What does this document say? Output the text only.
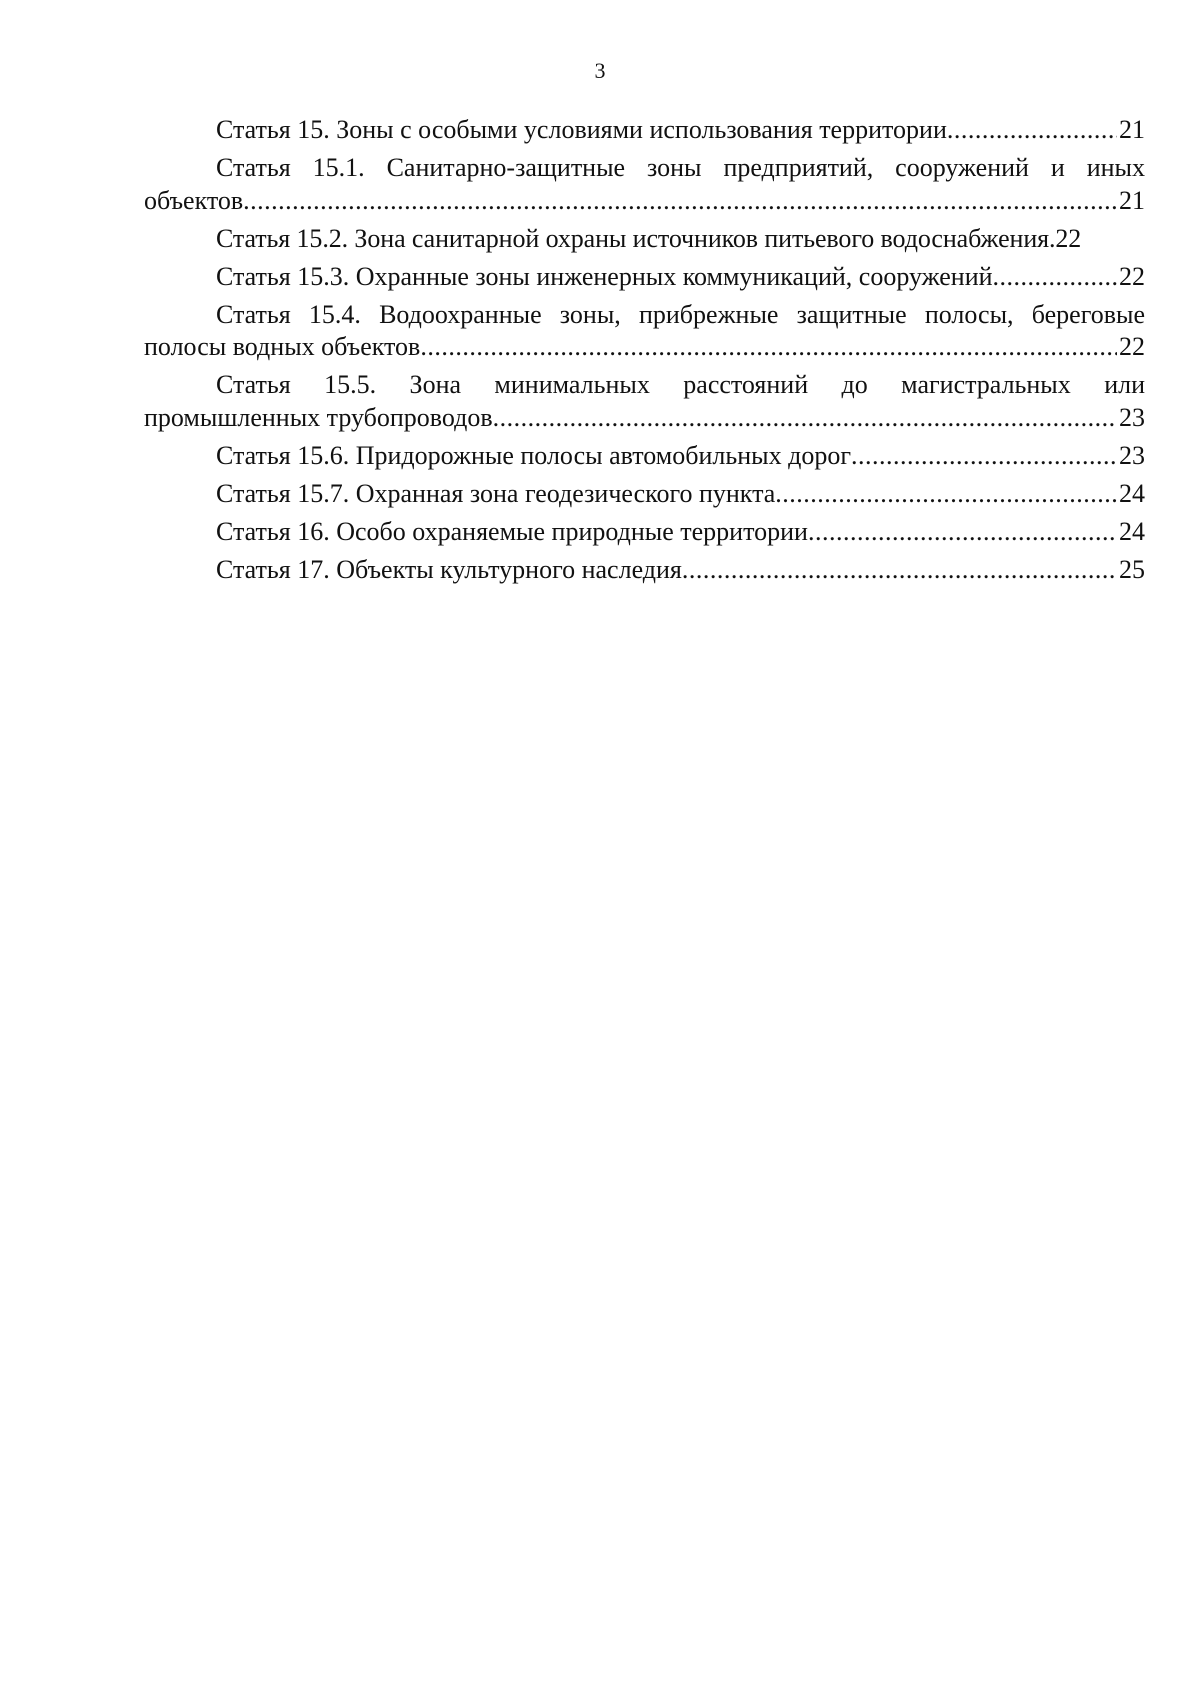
3
Статья 15. Зоны с особыми условиями использования территории .....	21
Статья 15.1. Санитарно-защитные зоны предприятий, сооружений и иных
объектов .....	21
Статья 15.2. Зона санитарной охраны источников питьевого водоснабжения.22
Статья 15.3. Охранные зоны инженерных коммуникаций, сооружений .....	22
Статья 15.4. Водоохранные зоны, прибрежные защитные полосы, береговые
полосы водных объектов .....	22
Статья 15.5. Зона минимальных расстояний до магистральных или
промышленных трубопроводов .....	23
Статья 15.6. Придорожные полосы автомобильных дорог .....	23
Статья 15.7. Охранная зона геодезического пункта .....	24
Статья 16. Особо охраняемые природные территории .....	24
Статья 17. Объекты культурного наследия .....	25
